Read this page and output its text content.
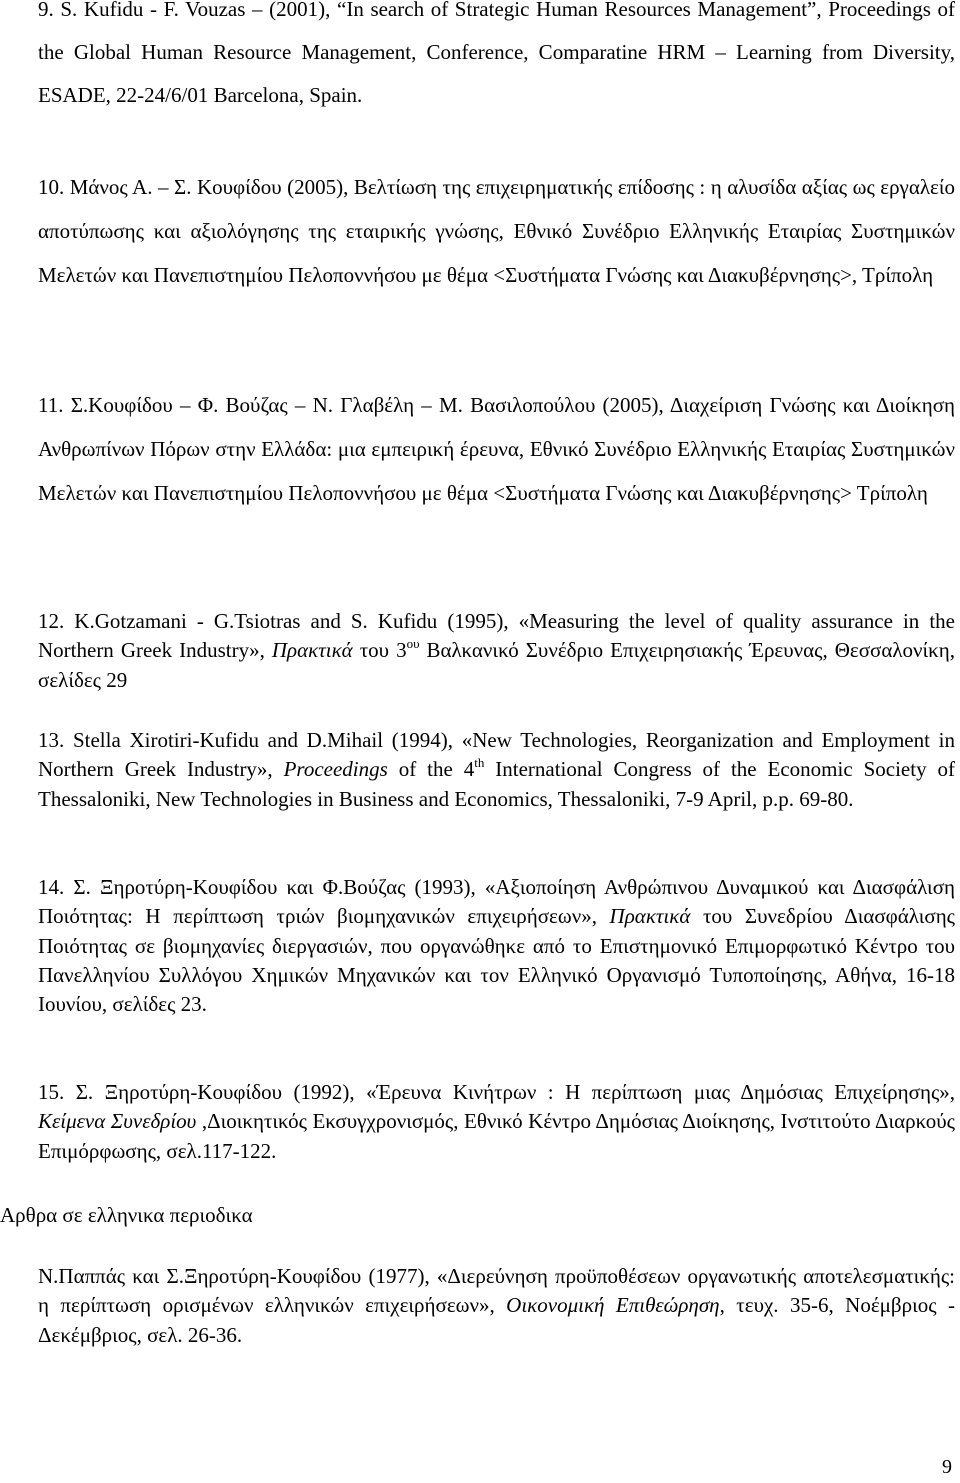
9. S. Kufidu - F. Vouzas – (2001), “In search of Strategic Human Resources Management”, Proceedings of the Global Human Resource Management, Conference, Comparatine HRM – Learning from Diversity, ESADE, 22-24/6/01 Barcelona, Spain.

10. Μάνος Α. – Σ. Κουφίδου (2005), Βελτίωση της επιχειρηματικής επίδοσης : η αλυσίδα αξίας ως εργαλείο αποτύπωσης και αξιολόγησης της εταιρικής γνώσης, Εθνικό Συνέδριο Ελληνικής Εταιρίας Συστημικών Μελετών και Πανεπιστημίου Πελοποννήσου με θέμα <Συστήματα Γνώσης και Διακυβέρνησης>, Τρίπολη

11. Σ.Κουφίδου – Φ. Βούζας – Ν. Γλαβέλη – Μ. Βασιλοπούλου (2005), Διαχείριση Γνώσης και Διοίκηση Ανθρωπίνων Πόρων στην Ελλάδα: μια εμπειρική έρευνα, Εθνικό Συνέδριο Ελληνικής Εταιρίας Συστημικών Μελετών και Πανεπιστημίου Πελοποννήσου με θέμα <Συστήματα Γνώσης και Διακυβέρνησης> Τρίπολη

12. K.Gotzamani - G.Tsiotras and S. Kufidu (1995), «Measuring the level of quality assurance in the Northern Greek Industry», Πρακτικά του $3^{o\upsilon}$ Βαλκανικό Συνέδριο Επιχειρησιακής Έρευνας, Θεσσαλονίκη, σελίδες 29

13. Stella Xirotiri-Kufidu and D.Mihail (1994), «New Technologies, Reorganization and Employment in Northern Greek Industry», Proceedings of the 4th International Congress of the Economic Society of Thessaloniki, New Technologies in Business and Economics, Thessaloniki, 7-9 April, p.p. 69-80.

14. Σ. Ξηροτύρη-Κουφίδου και Φ.Βούζας (1993), «Αξιοποίηση Ανθρώπινου Δυναμικού και Διασφάλιση Ποιότητας: Η περίπτωση τριών βιομηχανικών επιχειρήσεων», Πρακτικά του Συνεδρίου Διασφάλισης Ποιότητας σε βιομηχανίες διεργασιών, που οργανώθηκε από το Επιστημονικό Επιμορφωτικό Κέντρο του Πανελληνίου Συλλόγου Χημικών Μηχανικών και τον Ελληνικό Οργανισμό Τυποποίησης, Αθήνα, 16-18 Ιουνίου, σελίδες 23.

15. Σ. Ξηροτύρη-Κουφίδου (1992), «Έρευνα Κινήτρων : Η περίπτωση μιας Δημόσιας Επιχείρησης», Κείμενα Συνεδρίου ,Διοικητικός Εκσυγχρονισμός, Εθνικό Κέντρο Δημόσιας Διοίκησης, Ινστιτούτο Διαρκούς Επιμόρφωσης, σελ.117-122.

Αρθρα σε ελληνικα περιοδικα

Ν.Παππάς και Σ.Ξηροτύρη-Κουφίδου (1977), «Διερεύνηση προϋποθέσεων οργανωτικής αποτελεσματικής: η περίπτωση ορισμένων ελληνικών επιχειρήσεων», Οικονομική Επιθεώρηση, τευχ. 35-6, Νοέμβριος - Δεκέμβριος, σελ. 26-36.

9
